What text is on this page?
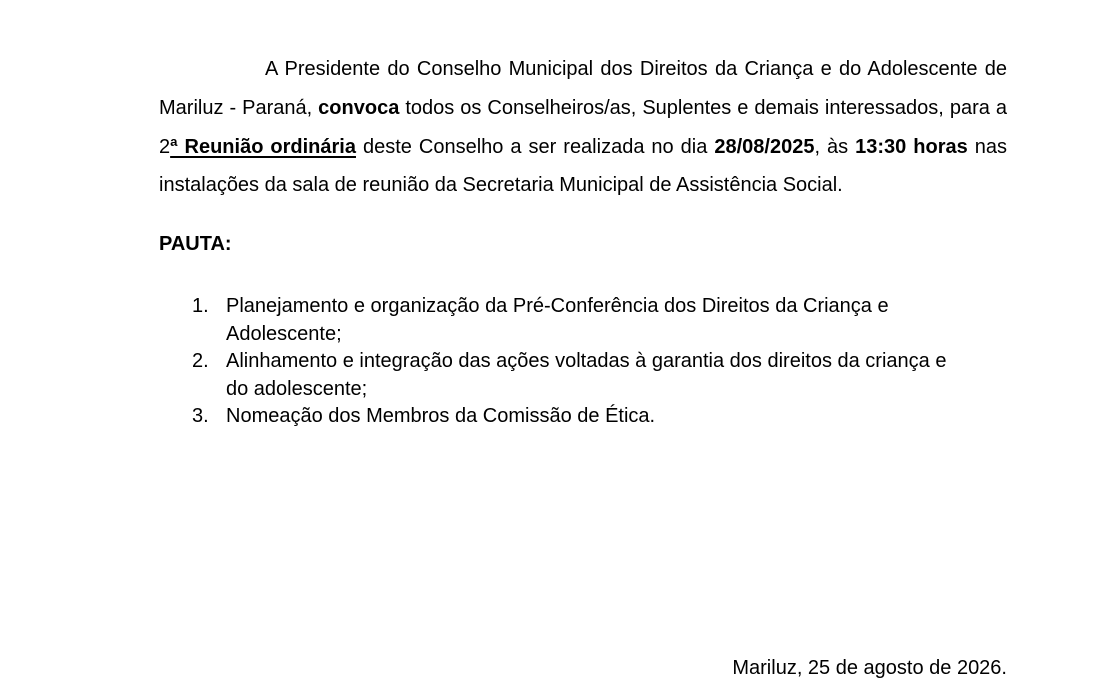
A Presidente do Conselho Municipal dos Direitos da Criança e do Adolescente de Mariluz - Paraná, convoca todos os Conselheiros/as, Suplentes e demais interessados, para a 2ª Reunião ordinária deste Conselho a ser realizada no dia 28/08/2025, às 13:30 horas nas instalações da sala de reunião da Secretaria Municipal de Assistência Social.

PAUTA:

1. Planejamento e organização da Pré-Conferência dos Direitos da Criança e Adolescente;
2. Alinhamento e integração das ações voltadas à garantia dos direitos da criança e do adolescente;
3. Nomeação dos Membros da Comissão de Ética.
Mariluz, 25 de agosto de 2026.
